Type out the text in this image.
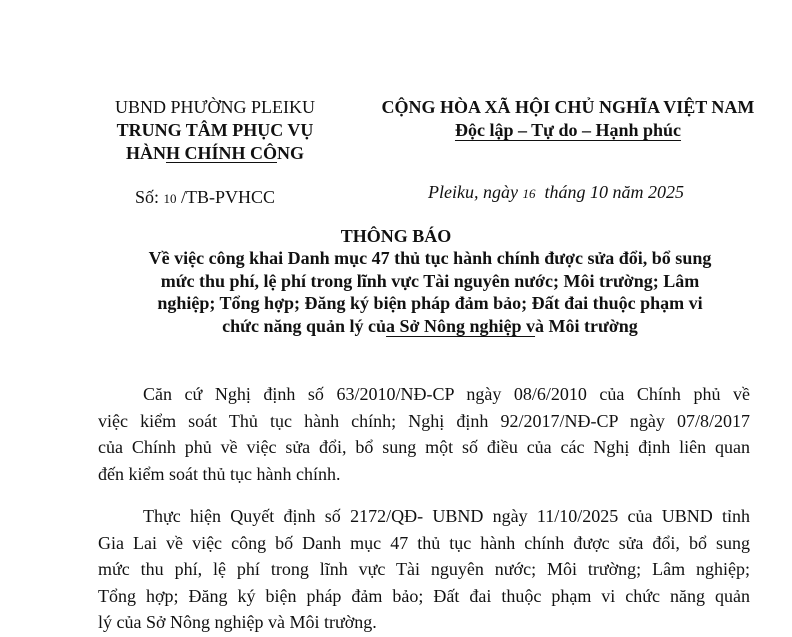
UBND PHƯỜNG PLEIKU
TRUNG TÂM PHỤC VỤ
HÀNH CHÍNH CÔNG
CỘNG HÒA XÃ HỘI CHỦ NGHĨA VIỆT NAM
Độc lập – Tự do – Hạnh phúc
Số: 10 /TB-PVHCC	Pleiku, ngày 16 tháng 10 năm 2025
THÔNG BÁO
Về việc công khai Danh mục 47 thủ tục hành chính được sửa đổi, bổ sung
mức thu phí, lệ phí trong lĩnh vực Tài nguyên nước; Môi trường; Lâm
nghiệp; Tổng hợp; Đăng ký biện pháp đảm bảo; Đất đai thuộc phạm vi
chức năng quản lý của Sở Nông nghiệp và Môi trường
Căn cứ Nghị định số 63/2010/NĐ-CP ngày 08/6/2010 của Chính phủ về
việc kiểm soát Thủ tục hành chính; Nghị định 92/2017/NĐ-CP ngày 07/8/2017
của Chính phủ về việc sửa đổi, bổ sung một số điều của các Nghị định liên quan
đến kiểm soát thủ tục hành chính.
Thực hiện Quyết định số 2172/QĐ- UBND ngày 11/10/2025 của UBND tỉnh
Gia Lai về việc công bố Danh mục 47 thủ tục hành chính được sửa đổi, bổ sung
mức thu phí, lệ phí trong lĩnh vực Tài nguyên nước; Môi trường; Lâm nghiệp;
Tổng hợp; Đăng ký biện pháp đảm bảo; Đất đai thuộc phạm vi chức năng quản
lý của Sở Nông nghiệp và Môi trường.
